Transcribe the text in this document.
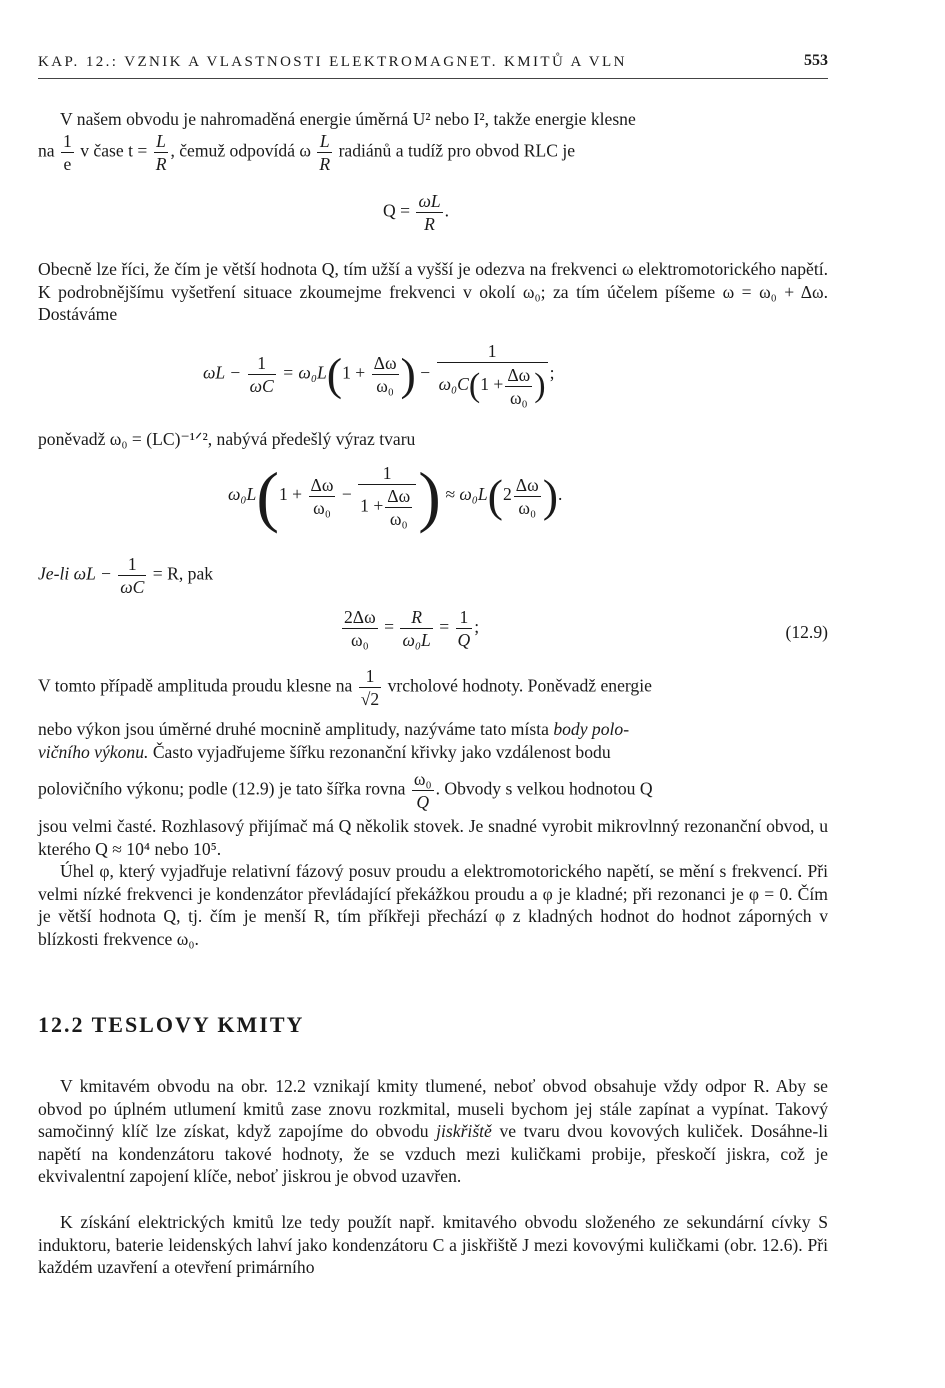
KAP. 12.: VZNIK A VLASTNOSTI ELEKTROMAGNET. KMITŮ A VLN	553

V našem obvodu je nahromaděná energie úměrná U² nebo I², takže energie klesne

na $\frac{1}{e}$ v čase $t = \frac{L}{R}$ , čemuž odpovídá ω $\frac{L}{R}$ radiánů a tudíž pro obvod RLC je
$Q = \frac{\omega L}{R}$ .

Obecně lze říci, že čím je větší hodnota Q, tím užší a vyšší je odezva na frekvenci ω elektromotorického napětí. K podrobnějšímu vyšetření situace zkoumejme frekvenci v okolí ω₀; za tím účelem píšeme ω = ω₀ + Δω. Dostáváme

$\omega L - \frac{1}{\omega C} = \omega_0L(1 + \frac{\Delta\omega}{\text{ω₀}}$ ) − $\frac{1}{\omega_0C(1 + \frac{\Delta\omega}{\text{ω₀}} )}$ ;

poněvadž ω₀ = (LC)⁻¹ᐟ², nabývá předešlý výraz tvaru

$\omega_0L(1 + \frac{\Delta\omega}{\text{ω₀}} - \frac{1}{1 + \frac{\Delta\omega}{\text{ω₀}}}$ ) ≈ $\omega_0L(2 \frac{\Delta\omega}{\text{ω₀}}$ ).
Je-li $\omega L - \frac{1}{\omega C} = R$, pak
$\frac{2\Delta\omega}{\text{ω₀}} = \frac{R}{\text{ω₀L}} = \frac{1}{Q}$ ;	(12.9)
V tomto případě amplituda proudu klesne na $\frac{1}{√2}$ vrcholové hodnoty. Poněvadž energie

nebo výkon jsou úměrné druhé mocnině amplitudy, nazýváme tato místa body polo-

vičního výkonu. Často vyjadřujeme šířku rezonanční křivky jako vzdálenost bodu

polovičního výkonu; podle (12.9) je tato šířka rovna $\frac{\text{ω₀}}{Q}$ . Obvody s velkou hodnotou Q

jsou velmi časté. Rozhlasový přijímač má Q několik stovek. Je snadné vyrobit mikrovlnný rezonanční obvod, u kterého Q ≈ 10⁴ nebo 10⁵.

Úhel φ, který vyjadřuje relativní fázový posuv proudu a elektromotorického napětí, se mění s frekvencí. Při velmi nízké frekvenci je kondenzátor převládající překážkou proudu a φ je kladné; při rezonanci je φ = 0. Čím je větší hodnota Q, tj. čím je menší R, tím příkřeji přechází φ z kladných hodnot do hodnot záporných v blízkosti frekvence ω₀.

12.2 TESLOVY KMITY

V kmitavém obvodu na obr. 12.2 vznikají kmity tlumené, neboť obvod obsahuje vždy odpor R. Aby se obvod po úplném utlumení kmitů zase znovu rozkmital, museli bychom jej stále zapínat a vypínat. Takový samočinný klíč lze získat, když zapojíme do obvodu jiskřiště ve tvaru dvou kovových kuliček. Dosáhne-li napětí na kondenzátoru takové hodnoty, že se vzduch mezi kuličkami probije, přeskočí jiskra, což je ekvivalentní zapojení klíče, neboť jiskrou je obvod uzavřen.

K získání elektrických kmitů lze tedy použít např. kmitavého obvodu složeného ze sekundární cívky S induktoru, baterie leidenských lahví jako kondenzátoru C a jiskřiště J mezi kovovými kuličkami (obr. 12.6). Při každém uzavření a otevření primárního
